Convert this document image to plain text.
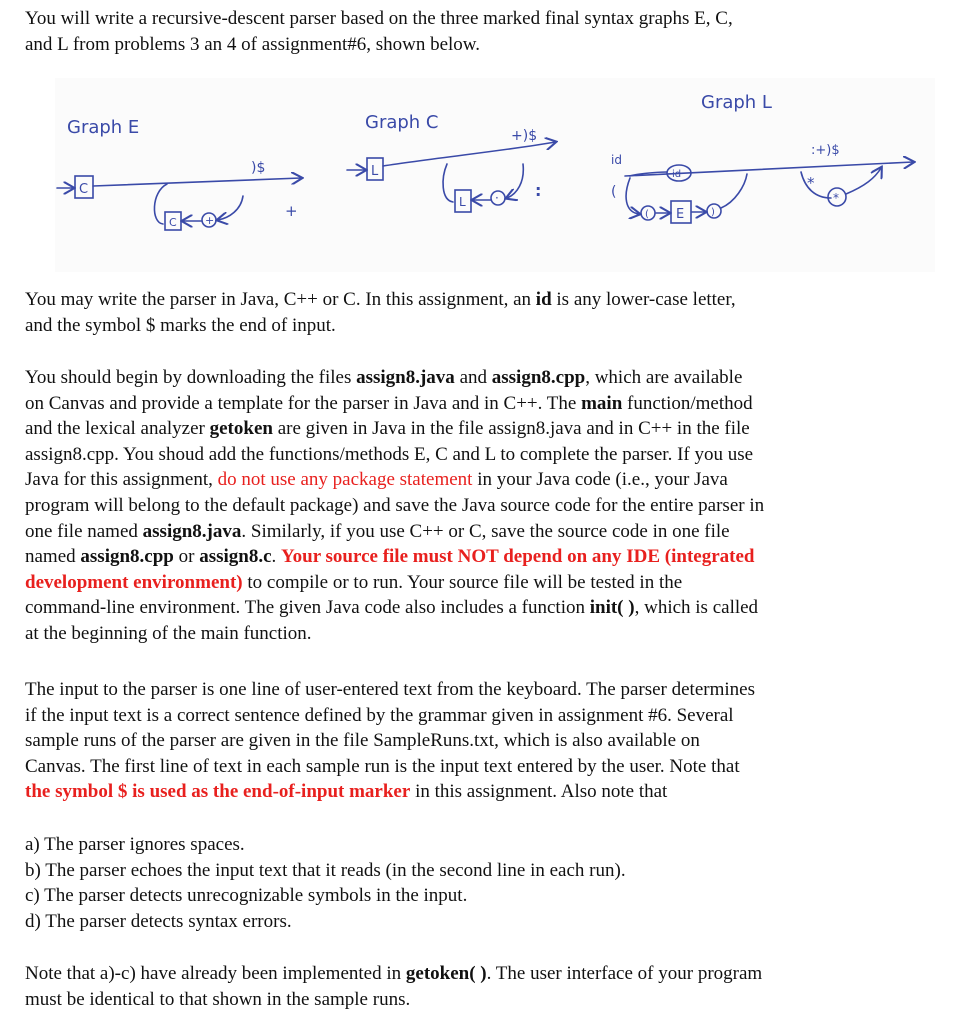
You will write a recursive-descent parser based on the three marked final syntax graphs E, C,

and L from problems 3 an 4 of assignment#6, shown below.

Graph E
C
C	+
)$
+
Graph C
L
L ·
+)$
:
Graph L
id
id
(
( E	)
:+)$
*
*

You may write the parser in Java, C++ or C. In this assignment, an id is any lower-case letter,

and the symbol $ marks the end of input.

You should begin by downloading the files assign8.java and assign8.cpp, which are available

on Canvas and provide a template for the parser in Java and in C++. The main function/method

and the lexical analyzer getoken are given in Java in the file assign8.java and in C++ in the file

assign8.cpp. You shoud add the functions/methods E, C and L to complete the parser. If you use

Java for this assignment, do not use any package statement in your Java code (i.e., your Java

program will belong to the default package) and save the Java source code for the entire parser in

one file named assign8.java. Similarly, if you use C++ or C, save the source code in one file

named assign8.cpp or assign8.c. Your source file must NOT depend on any IDE (integrated

development environment) to compile or to run. Your source file will be tested in the

command-line environment. The given Java code also includes a function init( ), which is called

at the beginning of the main function.

The input to the parser is one line of user-entered text from the keyboard. The parser determines

if the input text is a correct sentence defined by the grammar given in assignment #6. Several

sample runs of the parser are given in the file SampleRuns.txt, which is also available on

Canvas. The first line of text in each sample run is the input text entered by the user. Note that

the symbol $ is used as the end-of-input marker in this assignment. Also note that

a) The parser ignores spaces.

b) The parser echoes the input text that it reads (in the second line in each run).

c) The parser detects unrecognizable symbols in the input.

d) The parser detects syntax errors.

Note that a)-c) have already been implemented in getoken( ). The user interface of your program

must be identical to that shown in the sample runs.
